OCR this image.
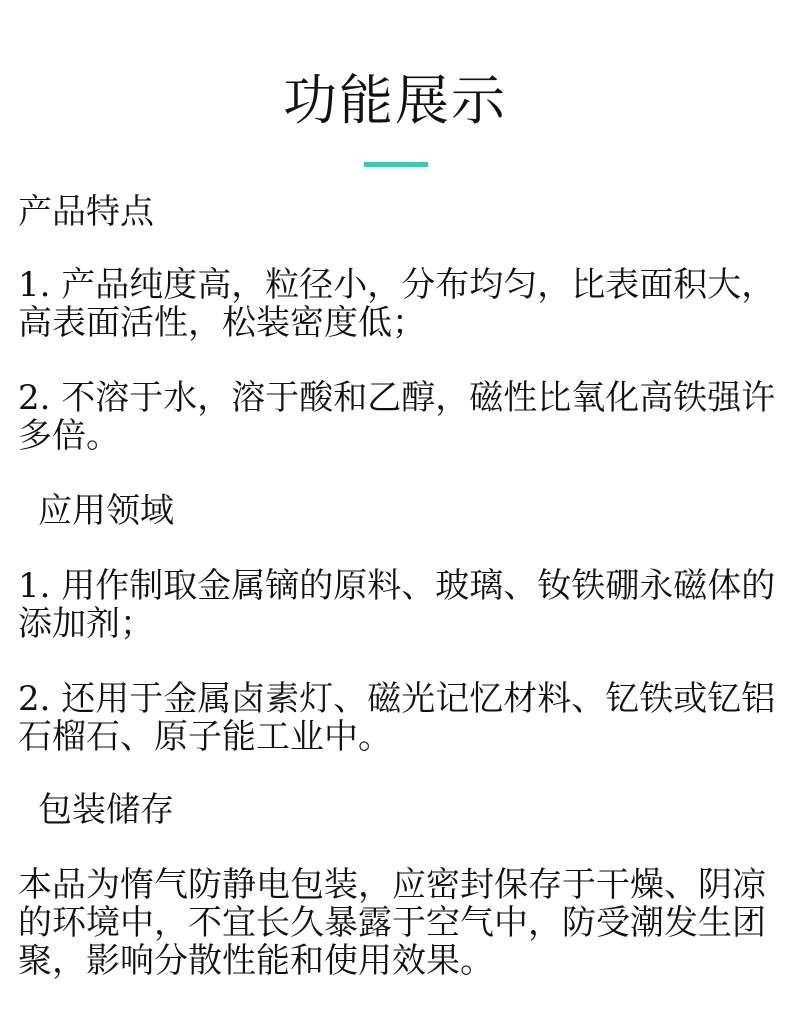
功能展示
产品特点
1. 产品纯度高，粒径小，分布均匀，比表面积大，高表面活性，松装密度低；
2. 不溶于水，溶于酸和乙醇，磁性比氧化高铁强许多倍。
应用领域
1. 用作制取金属镝的原料、玻璃、钕铁硼永磁体的添加剂；
2. 还用于金属卤素灯、磁光记忆材料、钇铁或钇铝石榴石、原子能工业中。
包装储存
本品为惰气防静电包装，应密封保存于干燥、阴凉的环境中，不宜长久暴露于空气中，防受潮发生团聚，影响分散性能和使用效果。
